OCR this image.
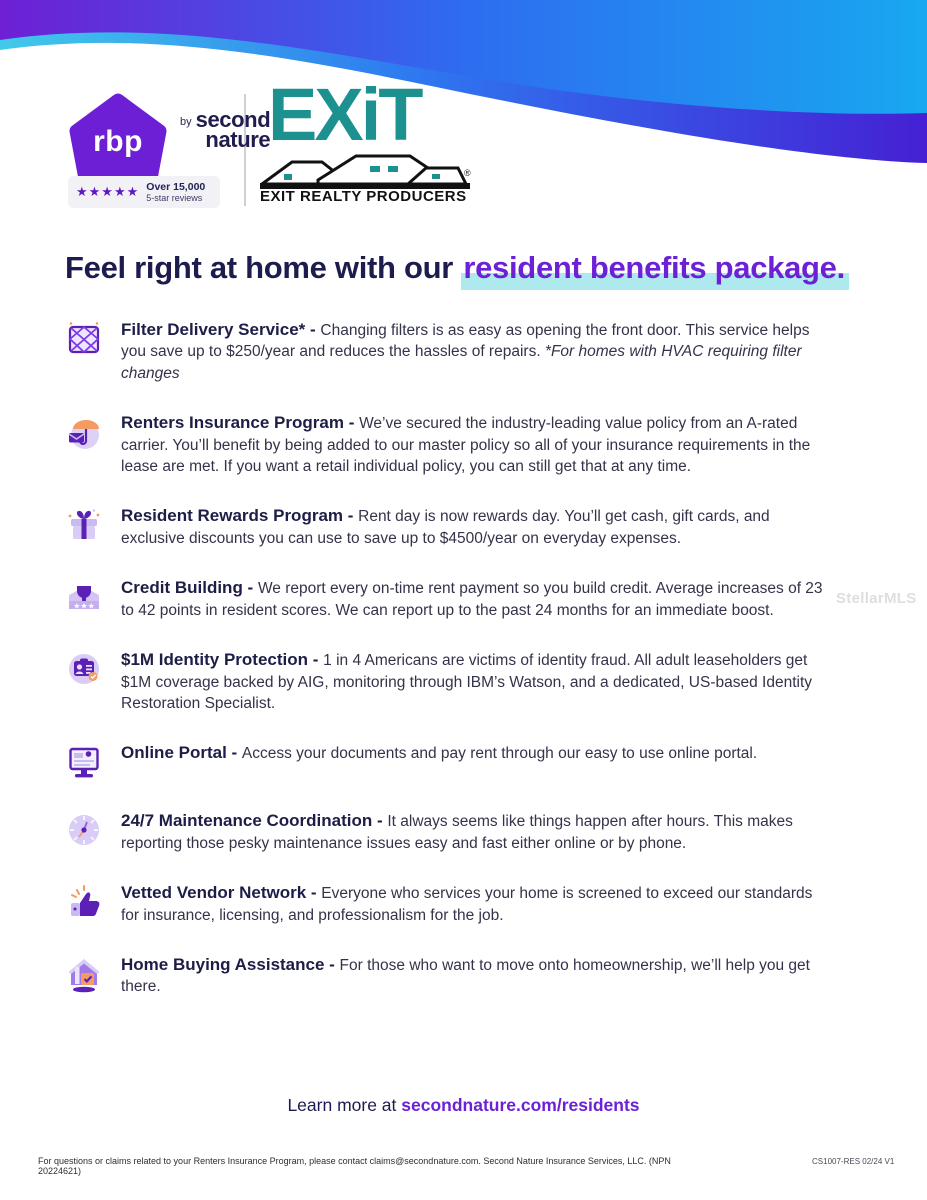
rbp
by second
nature
★★★★★ Over 15,000
5-star reviews
EXiT
EXIT REALTY PRODUCERS
®
Feel right at home with our resident benefits package.

Filter Delivery Service* - Changing filters is as easy as opening the front door. This service helps you save up to $250/year and reduces the hassles of repairs. *For homes with HVAC requiring filter changes

Renters Insurance Program - We’ve secured the industry-leading value policy from an A-rated carrier. You’ll benefit by being added to our master policy so all of your insurance requirements in the lease are met. If you want a retail individual policy, you can still get that at any time.

Resident Rewards Program - Rent day is now rewards day. You’ll get cash, gift cards, and exclusive discounts you can use to save up to $4500/year on everyday expenses.

★★★

Credit Building - We report every on-time rent payment so you build credit. Average increases of 23 to 42 points in resident scores. We can report up to the past 24 months for an immediate boost.

$1M Identity Protection - 1 in 4 Americans are victims of identity fraud. All adult leaseholders get $1M coverage backed by AIG, monitoring through IBM’s Watson, and a dedicated, US-based Identity Restoration Specialist.

Online Portal - Access your documents and pay rent through our easy to use online portal.

24/7 Maintenance Coordination - It always seems like things happen after hours. This makes reporting those pesky maintenance issues easy and fast either online or by phone.

Vetted Vendor Network - Everyone who services your home is screened to exceed our standards for insurance, licensing, and professionalism for the job.

Home Buying Assistance - For those who want to move onto homeownership, we’ll help you get there.

StellarMLS
Learn more at secondnature.com/residents
For questions or claims related to your Renters Insurance Program, please contact claims@secondnature.com. Second Nature Insurance Services, LLC. (NPN 20224621)
CS1007-RES 02/24 V1
